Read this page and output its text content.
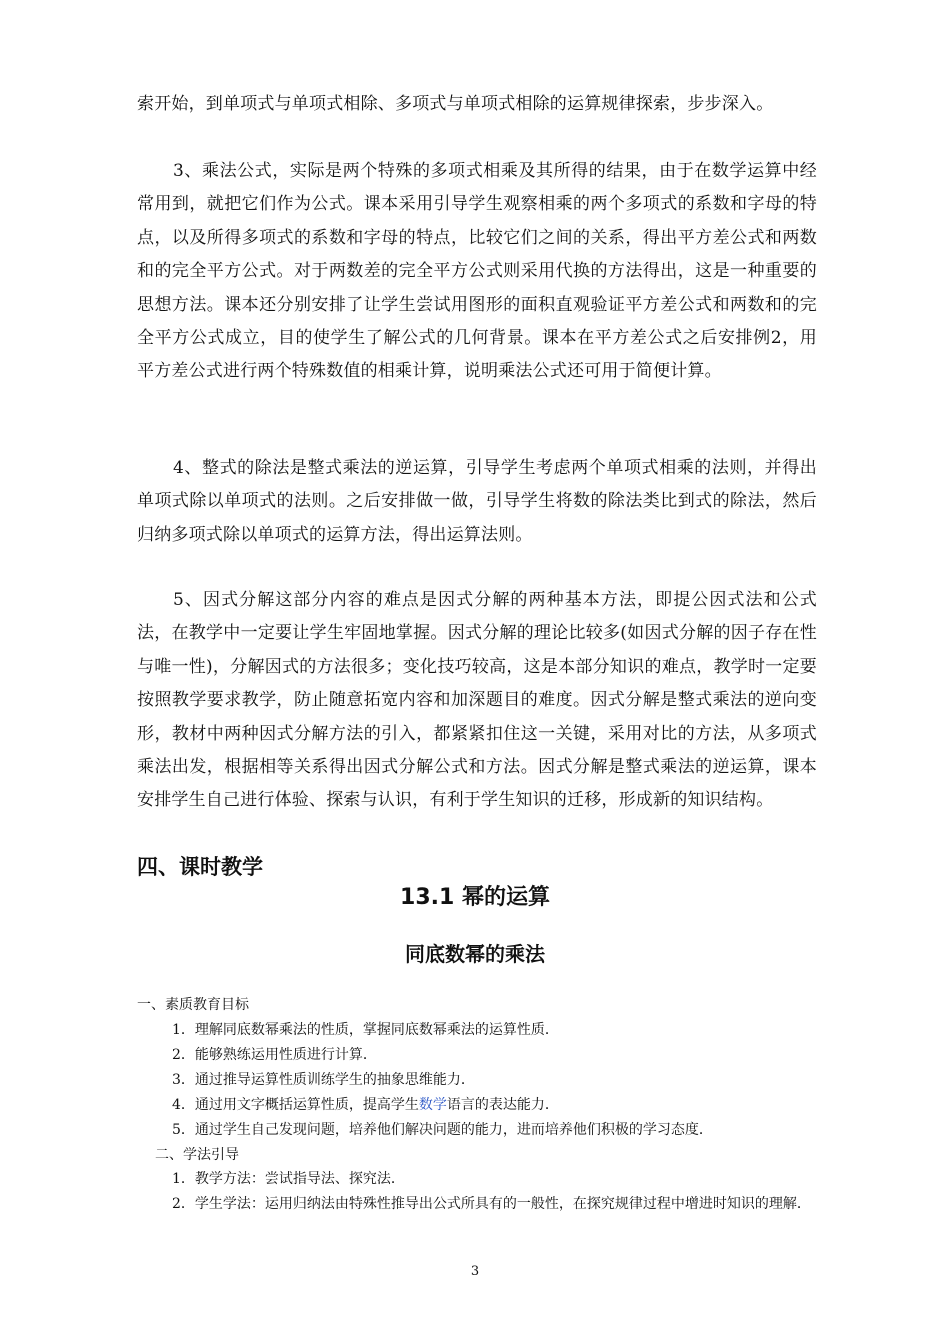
索开始，到单项式与单项式相除、多项式与单项式相除的运算规律探索，步步深入。
3、乘法公式，实际是两个特殊的多项式相乘及其所得的结果，由于在数学运算中经常用到，就把它们作为公式。课本采用引导学生观察相乘的两个多项式的系数和字母的特点，以及所得多项式的系数和字母的特点，比较它们之间的关系，得出平方差公式和两数和的完全平方公式。对于两数差的完全平方公式则采用代换的方法得出，这是一种重要的思想方法。课本还分别安排了让学生尝试用图形的面积直观验证平方差公式和两数和的完全平方公式成立，目的使学生了解公式的几何背景。课本在平方差公式之后安排例2，用平方差公式进行两个特殊数值的相乘计算，说明乘法公式还可用于简便计算。
4、整式的除法是整式乘法的逆运算，引导学生考虑两个单项式相乘的法则，并得出单项式除以单项式的法则。之后安排做一做，引导学生将数的除法类比到式的除法，然后归纳多项式除以单项式的运算方法，得出运算法则。
5、因式分解这部分内容的难点是因式分解的两种基本方法，即提公因式法和公式法，在教学中一定要让学生牢固地掌握。因式分解的理论比较多(如因式分解的因子存在性与唯一性)，分解因式的方法很多；变化技巧较高，这是本部分知识的难点，教学时一定要按照教学要求教学，防止随意拓宽内容和加深题目的难度。因式分解是整式乘法的逆向变形，教材中两种因式分解方法的引入，都紧紧扣住这一关键，采用对比的方法，从多项式乘法出发，根据相等关系得出因式分解公式和方法。因式分解是整式乘法的逆运算，课本安排学生自己进行体验、探索与认识，有利于学生知识的迁移，形成新的知识结构。
四、课时教学
13.1 幂的运算
同底数幂的乘法
一、素质教育目标
1．理解同底数幂乘法的性质，掌握同底数幂乘法的运算性质．
2．能够熟练运用性质进行计算．
3．通过推导运算性质训练学生的抽象思维能力．
4．通过用文字概括运算性质，提高学生数学语言的表达能力．
5．通过学生自己发现问题，培养他们解决问题的能力，进而培养他们积极的学习态度．
二、学法引导
1．教学方法：尝试指导法、探究法．
2．学生学法：运用归纳法由特殊性推导出公式所具有的一般性，在探究规律过程中增进时知识的理解．
3
